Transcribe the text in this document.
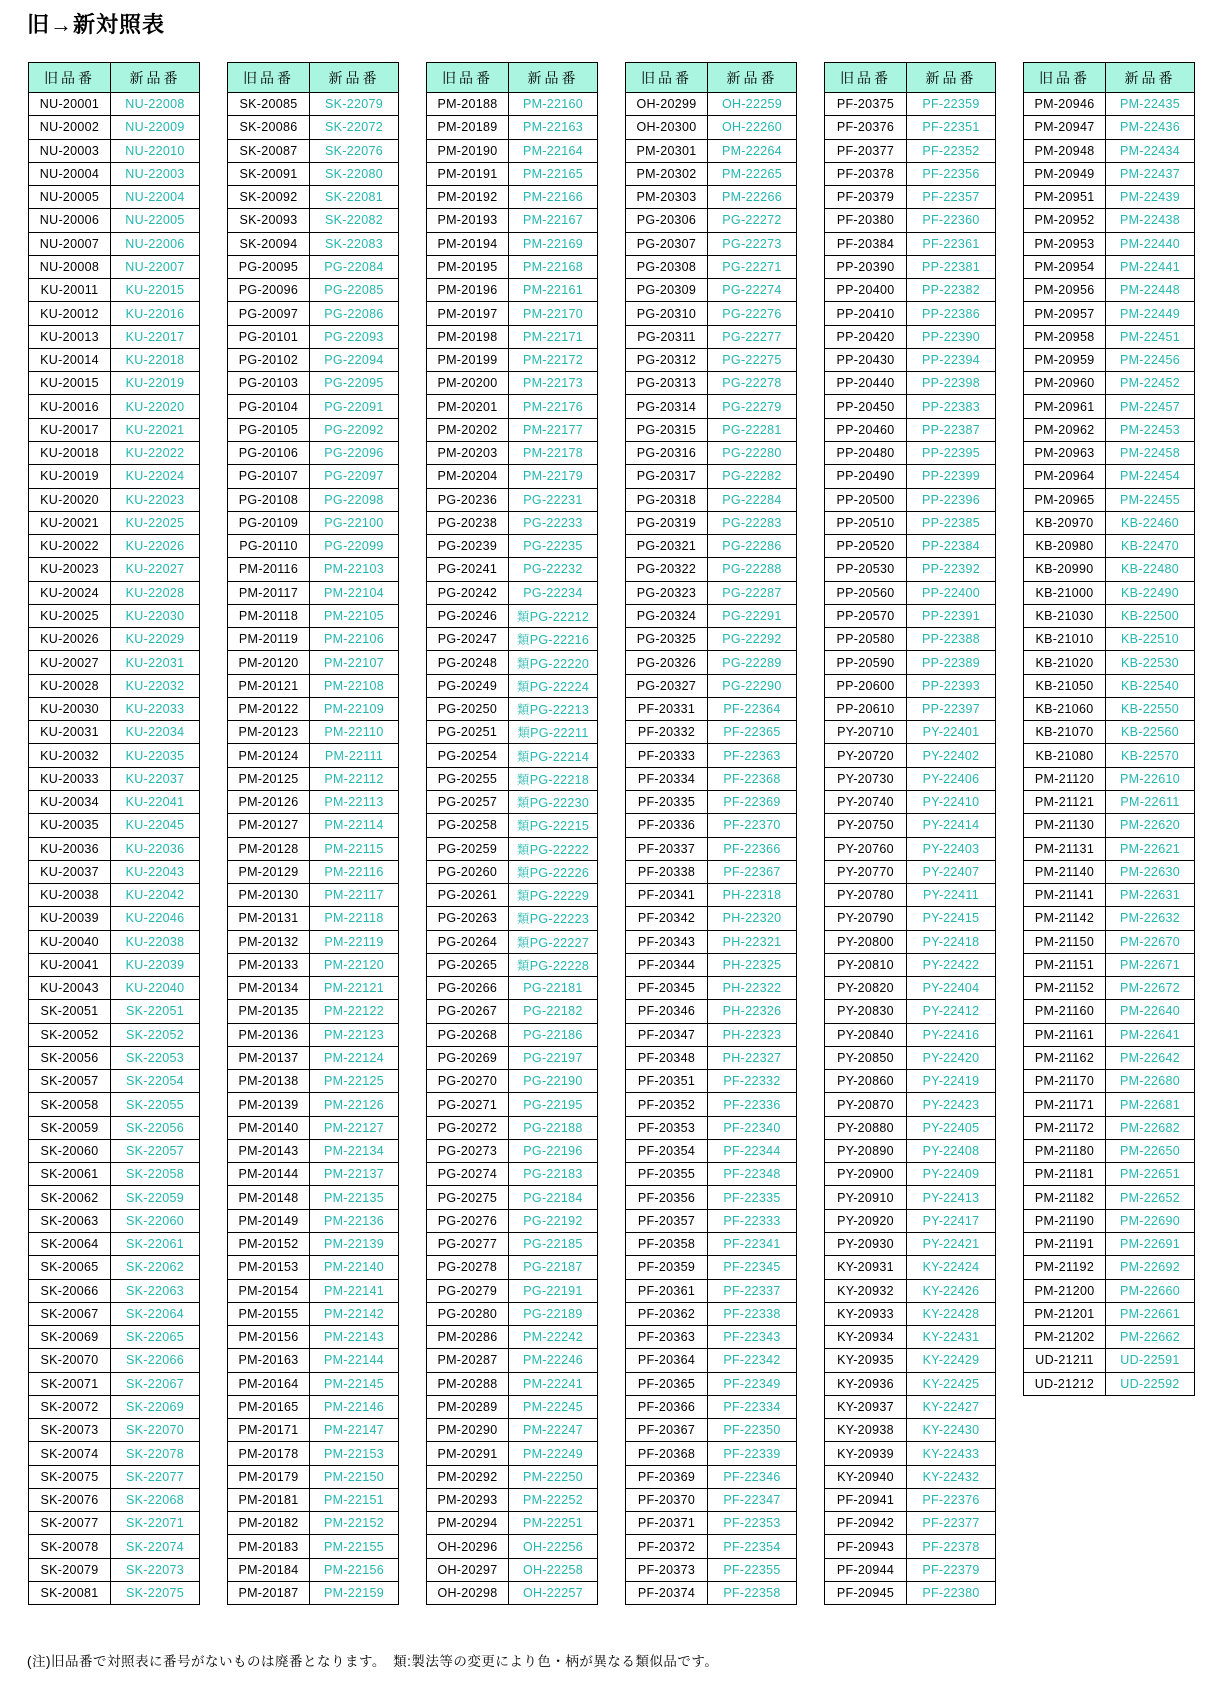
旧→新対照表
旧品番	新品番
NU-20001	NU-22008
NU-20002	NU-22009
NU-20003	NU-22010
NU-20004	NU-22003
NU-20005	NU-22004
NU-20006	NU-22005
NU-20007	NU-22006
NU-20008	NU-22007
KU-20011	KU-22015
KU-20012	KU-22016
KU-20013	KU-22017
KU-20014	KU-22018
KU-20015	KU-22019
KU-20016	KU-22020
KU-20017	KU-22021
KU-20018	KU-22022
KU-20019	KU-22024
KU-20020	KU-22023
KU-20021	KU-22025
KU-20022	KU-22026
KU-20023	KU-22027
KU-20024	KU-22028
KU-20025	KU-22030
KU-20026	KU-22029
KU-20027	KU-22031
KU-20028	KU-22032
KU-20030	KU-22033
KU-20031	KU-22034
KU-20032	KU-22035
KU-20033	KU-22037
KU-20034	KU-22041
KU-20035	KU-22045
KU-20036	KU-22036
KU-20037	KU-22043
KU-20038	KU-22042
KU-20039	KU-22046
KU-20040	KU-22038
KU-20041	KU-22039
KU-20043	KU-22040
SK-20051	SK-22051
SK-20052	SK-22052
SK-20056	SK-22053
SK-20057	SK-22054
SK-20058	SK-22055
SK-20059	SK-22056
SK-20060	SK-22057
SK-20061	SK-22058
SK-20062	SK-22059
SK-20063	SK-22060
SK-20064	SK-22061
SK-20065	SK-22062
SK-20066	SK-22063
SK-20067	SK-22064
SK-20069	SK-22065
SK-20070	SK-22066
SK-20071	SK-22067
SK-20072	SK-22069
SK-20073	SK-22070
SK-20074	SK-22078
SK-20075	SK-22077
SK-20076	SK-22068
SK-20077	SK-22071
SK-20078	SK-22074
SK-20079	SK-22073
SK-20081	SK-22075
旧品番	新品番
SK-20085	SK-22079
SK-20086	SK-22072
SK-20087	SK-22076
SK-20091	SK-22080
SK-20092	SK-22081
SK-20093	SK-22082
SK-20094	SK-22083
PG-20095	PG-22084
PG-20096	PG-22085
PG-20097	PG-22086
PG-20101	PG-22093
PG-20102	PG-22094
PG-20103	PG-22095
PG-20104	PG-22091
PG-20105	PG-22092
PG-20106	PG-22096
PG-20107	PG-22097
PG-20108	PG-22098
PG-20109	PG-22100
PG-20110	PG-22099
PM-20116	PM-22103
PM-20117	PM-22104
PM-20118	PM-22105
PM-20119	PM-22106
PM-20120	PM-22107
PM-20121	PM-22108
PM-20122	PM-22109
PM-20123	PM-22110
PM-20124	PM-22111
PM-20125	PM-22112
PM-20126	PM-22113
PM-20127	PM-22114
PM-20128	PM-22115
PM-20129	PM-22116
PM-20130	PM-22117
PM-20131	PM-22118
PM-20132	PM-22119
PM-20133	PM-22120
PM-20134	PM-22121
PM-20135	PM-22122
PM-20136	PM-22123
PM-20137	PM-22124
PM-20138	PM-22125
PM-20139	PM-22126
PM-20140	PM-22127
PM-20143	PM-22134
PM-20144	PM-22137
PM-20148	PM-22135
PM-20149	PM-22136
PM-20152	PM-22139
PM-20153	PM-22140
PM-20154	PM-22141
PM-20155	PM-22142
PM-20156	PM-22143
PM-20163	PM-22144
PM-20164	PM-22145
PM-20165	PM-22146
PM-20171	PM-22147
PM-20178	PM-22153
PM-20179	PM-22150
PM-20181	PM-22151
PM-20182	PM-22152
PM-20183	PM-22155
PM-20184	PM-22156
PM-20187	PM-22159
旧品番	新品番
PM-20188	PM-22160
PM-20189	PM-22163
PM-20190	PM-22164
PM-20191	PM-22165
PM-20192	PM-22166
PM-20193	PM-22167
PM-20194	PM-22169
PM-20195	PM-22168
PM-20196	PM-22161
PM-20197	PM-22170
PM-20198	PM-22171
PM-20199	PM-22172
PM-20200	PM-22173
PM-20201	PM-22176
PM-20202	PM-22177
PM-20203	PM-22178
PM-20204	PM-22179
PG-20236	PG-22231
PG-20238	PG-22233
PG-20239	PG-22235
PG-20241	PG-22232
PG-20242	PG-22234
PG-20246	類PG-22212
PG-20247	類PG-22216
PG-20248	類PG-22220
PG-20249	類PG-22224
PG-20250	類PG-22213
PG-20251	類PG-22211
PG-20254	類PG-22214
PG-20255	類PG-22218
PG-20257	類PG-22230
PG-20258	類PG-22215
PG-20259	類PG-22222
PG-20260	類PG-22226
PG-20261	類PG-22229
PG-20263	類PG-22223
PG-20264	類PG-22227
PG-20265	類PG-22228
PG-20266	PG-22181
PG-20267	PG-22182
PG-20268	PG-22186
PG-20269	PG-22197
PG-20270	PG-22190
PG-20271	PG-22195
PG-20272	PG-22188
PG-20273	PG-22196
PG-20274	PG-22183
PG-20275	PG-22184
PG-20276	PG-22192
PG-20277	PG-22185
PG-20278	PG-22187
PG-20279	PG-22191
PG-20280	PG-22189
PM-20286	PM-22242
PM-20287	PM-22246
PM-20288	PM-22241
PM-20289	PM-22245
PM-20290	PM-22247
PM-20291	PM-22249
PM-20292	PM-22250
PM-20293	PM-22252
PM-20294	PM-22251
OH-20296	OH-22256
OH-20297	OH-22258
OH-20298	OH-22257
旧品番	新品番
OH-20299	OH-22259
OH-20300	OH-22260
PM-20301	PM-22264
PM-20302	PM-22265
PM-20303	PM-22266
PG-20306	PG-22272
PG-20307	PG-22273
PG-20308	PG-22271
PG-20309	PG-22274
PG-20310	PG-22276
PG-20311	PG-22277
PG-20312	PG-22275
PG-20313	PG-22278
PG-20314	PG-22279
PG-20315	PG-22281
PG-20316	PG-22280
PG-20317	PG-22282
PG-20318	PG-22284
PG-20319	PG-22283
PG-20321	PG-22286
PG-20322	PG-22288
PG-20323	PG-22287
PG-20324	PG-22291
PG-20325	PG-22292
PG-20326	PG-22289
PG-20327	PG-22290
PF-20331	PF-22364
PF-20332	PF-22365
PF-20333	PF-22363
PF-20334	PF-22368
PF-20335	PF-22369
PF-20336	PF-22370
PF-20337	PF-22366
PF-20338	PF-22367
PF-20341	PH-22318
PF-20342	PH-22320
PF-20343	PH-22321
PF-20344	PH-22325
PF-20345	PH-22322
PF-20346	PH-22326
PF-20347	PH-22323
PF-20348	PH-22327
PF-20351	PF-22332
PF-20352	PF-22336
PF-20353	PF-22340
PF-20354	PF-22344
PF-20355	PF-22348
PF-20356	PF-22335
PF-20357	PF-22333
PF-20358	PF-22341
PF-20359	PF-22345
PF-20361	PF-22337
PF-20362	PF-22338
PF-20363	PF-22343
PF-20364	PF-22342
PF-20365	PF-22349
PF-20366	PF-22334
PF-20367	PF-22350
PF-20368	PF-22339
PF-20369	PF-22346
PF-20370	PF-22347
PF-20371	PF-22353
PF-20372	PF-22354
PF-20373	PF-22355
PF-20374	PF-22358
旧品番	新品番
PF-20375	PF-22359
PF-20376	PF-22351
PF-20377	PF-22352
PF-20378	PF-22356
PF-20379	PF-22357
PF-20380	PF-22360
PF-20384	PF-22361
PP-20390	PP-22381
PP-20400	PP-22382
PP-20410	PP-22386
PP-20420	PP-22390
PP-20430	PP-22394
PP-20440	PP-22398
PP-20450	PP-22383
PP-20460	PP-22387
PP-20480	PP-22395
PP-20490	PP-22399
PP-20500	PP-22396
PP-20510	PP-22385
PP-20520	PP-22384
PP-20530	PP-22392
PP-20560	PP-22400
PP-20570	PP-22391
PP-20580	PP-22388
PP-20590	PP-22389
PP-20600	PP-22393
PP-20610	PP-22397
PY-20710	PY-22401
PY-20720	PY-22402
PY-20730	PY-22406
PY-20740	PY-22410
PY-20750	PY-22414
PY-20760	PY-22403
PY-20770	PY-22407
PY-20780	PY-22411
PY-20790	PY-22415
PY-20800	PY-22418
PY-20810	PY-22422
PY-20820	PY-22404
PY-20830	PY-22412
PY-20840	PY-22416
PY-20850	PY-22420
PY-20860	PY-22419
PY-20870	PY-22423
PY-20880	PY-22405
PY-20890	PY-22408
PY-20900	PY-22409
PY-20910	PY-22413
PY-20920	PY-22417
PY-20930	PY-22421
KY-20931	KY-22424
KY-20932	KY-22426
KY-20933	KY-22428
KY-20934	KY-22431
KY-20935	KY-22429
KY-20936	KY-22425
KY-20937	KY-22427
KY-20938	KY-22430
KY-20939	KY-22433
KY-20940	KY-22432
PF-20941	PF-22376
PF-20942	PF-22377
PF-20943	PF-22378
PF-20944	PF-22379
PF-20945	PF-22380
旧品番	新品番
PM-20946	PM-22435
PM-20947	PM-22436
PM-20948	PM-22434
PM-20949	PM-22437
PM-20951	PM-22439
PM-20952	PM-22438
PM-20953	PM-22440
PM-20954	PM-22441
PM-20956	PM-22448
PM-20957	PM-22449
PM-20958	PM-22451
PM-20959	PM-22456
PM-20960	PM-22452
PM-20961	PM-22457
PM-20962	PM-22453
PM-20963	PM-22458
PM-20964	PM-22454
PM-20965	PM-22455
KB-20970	KB-22460
KB-20980	KB-22470
KB-20990	KB-22480
KB-21000	KB-22490
KB-21030	KB-22500
KB-21010	KB-22510
KB-21020	KB-22530
KB-21050	KB-22540
KB-21060	KB-22550
KB-21070	KB-22560
KB-21080	KB-22570
PM-21120	PM-22610
PM-21121	PM-22611
PM-21130	PM-22620
PM-21131	PM-22621
PM-21140	PM-22630
PM-21141	PM-22631
PM-21142	PM-22632
PM-21150	PM-22670
PM-21151	PM-22671
PM-21152	PM-22672
PM-21160	PM-22640
PM-21161	PM-22641
PM-21162	PM-22642
PM-21170	PM-22680
PM-21171	PM-22681
PM-21172	PM-22682
PM-21180	PM-22650
PM-21181	PM-22651
PM-21182	PM-22652
PM-21190	PM-22690
PM-21191	PM-22691
PM-21192	PM-22692
PM-21200	PM-22660
PM-21201	PM-22661
PM-21202	PM-22662
UD-21211	UD-22591
UD-21212	UD-22592
(注)旧品番で対照表に番号がないものは廃番となります。　類:製法等の変更により色・柄が異なる類似品です。
